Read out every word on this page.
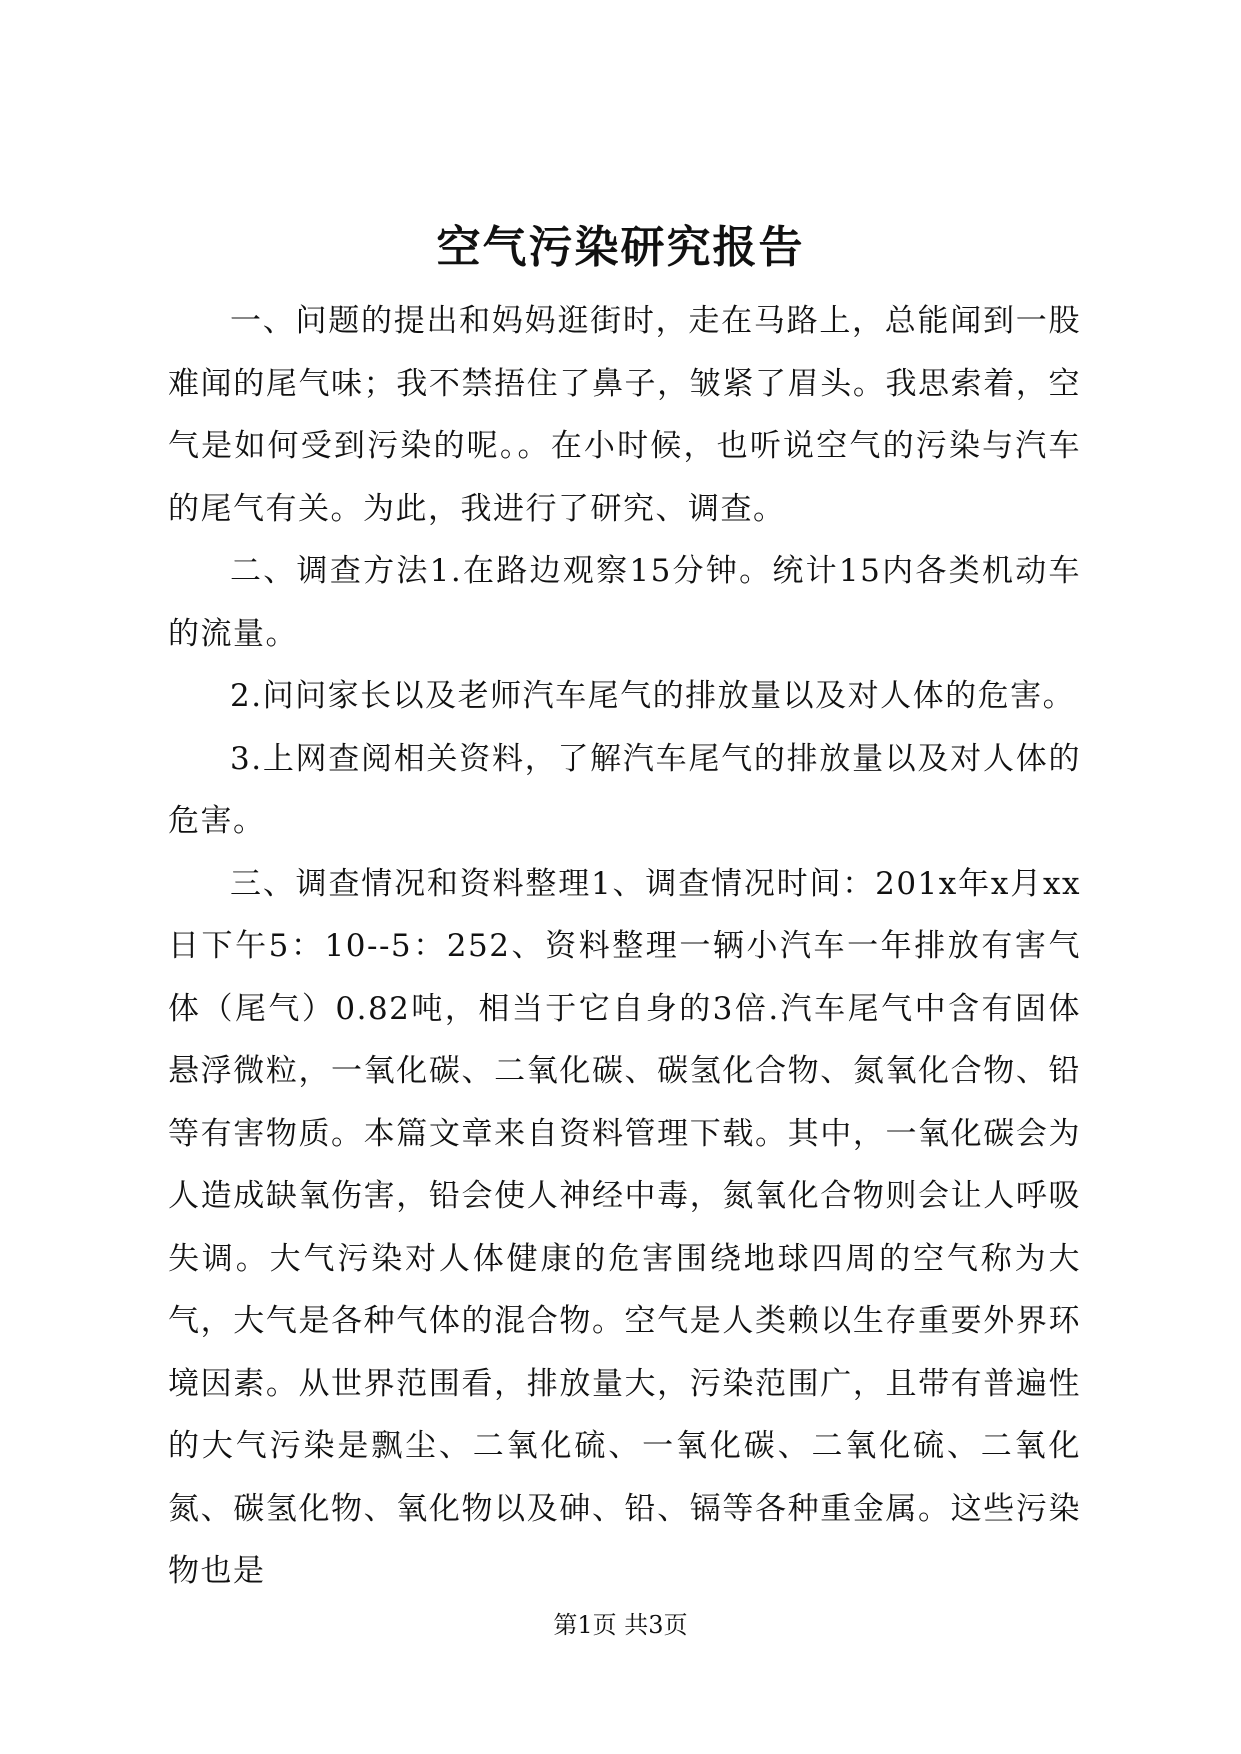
空气污染研究报告

一、问题的提出和妈妈逛街时，走在马路上，总能闻到一股难闻的尾气味；我不禁捂住了鼻子，皱紧了眉头。我思索着，空气是如何受到污染的呢。。在小时候，也听说空气的污染与汽车的尾气有关。为此，我进行了研究、调查。

二、调查方法1.在路边观察15分钟。统计15内各类机动车的流量。

2.问问家长以及老师汽车尾气的排放量以及对人体的危害。

3.上网查阅相关资料，了解汽车尾气的排放量以及对人体的危害。

三、调查情况和资料整理1、调查情况时间：201x年x月xx日下午5：10--5：252、资料整理一辆小汽车一年排放有害气体（尾气）0.82吨，相当于它自身的3倍.汽车尾气中含有固体悬浮微粒，一氧化碳、二氧化碳、碳氢化合物、氮氧化合物、铅等有害物质。本篇文章来自资料管理下载。其中，一氧化碳会为人造成缺氧伤害，铅会使人神经中毒，氮氧化合物则会让人呼吸失调。大气污染对人体健康的危害围绕地球四周的空气称为大气，大气是各种气体的混合物。空气是人类赖以生存重要外界环境因素。从世界范围看，排放量大，污染范围广，且带有普遍性的大气污染是飘尘、二氧化硫、一氧化碳、二氧化硫、二氧化氮、碳氢化物、氧化物以及砷、铅、镉等各种重金属。这些污染物也是

第1页 共3页
